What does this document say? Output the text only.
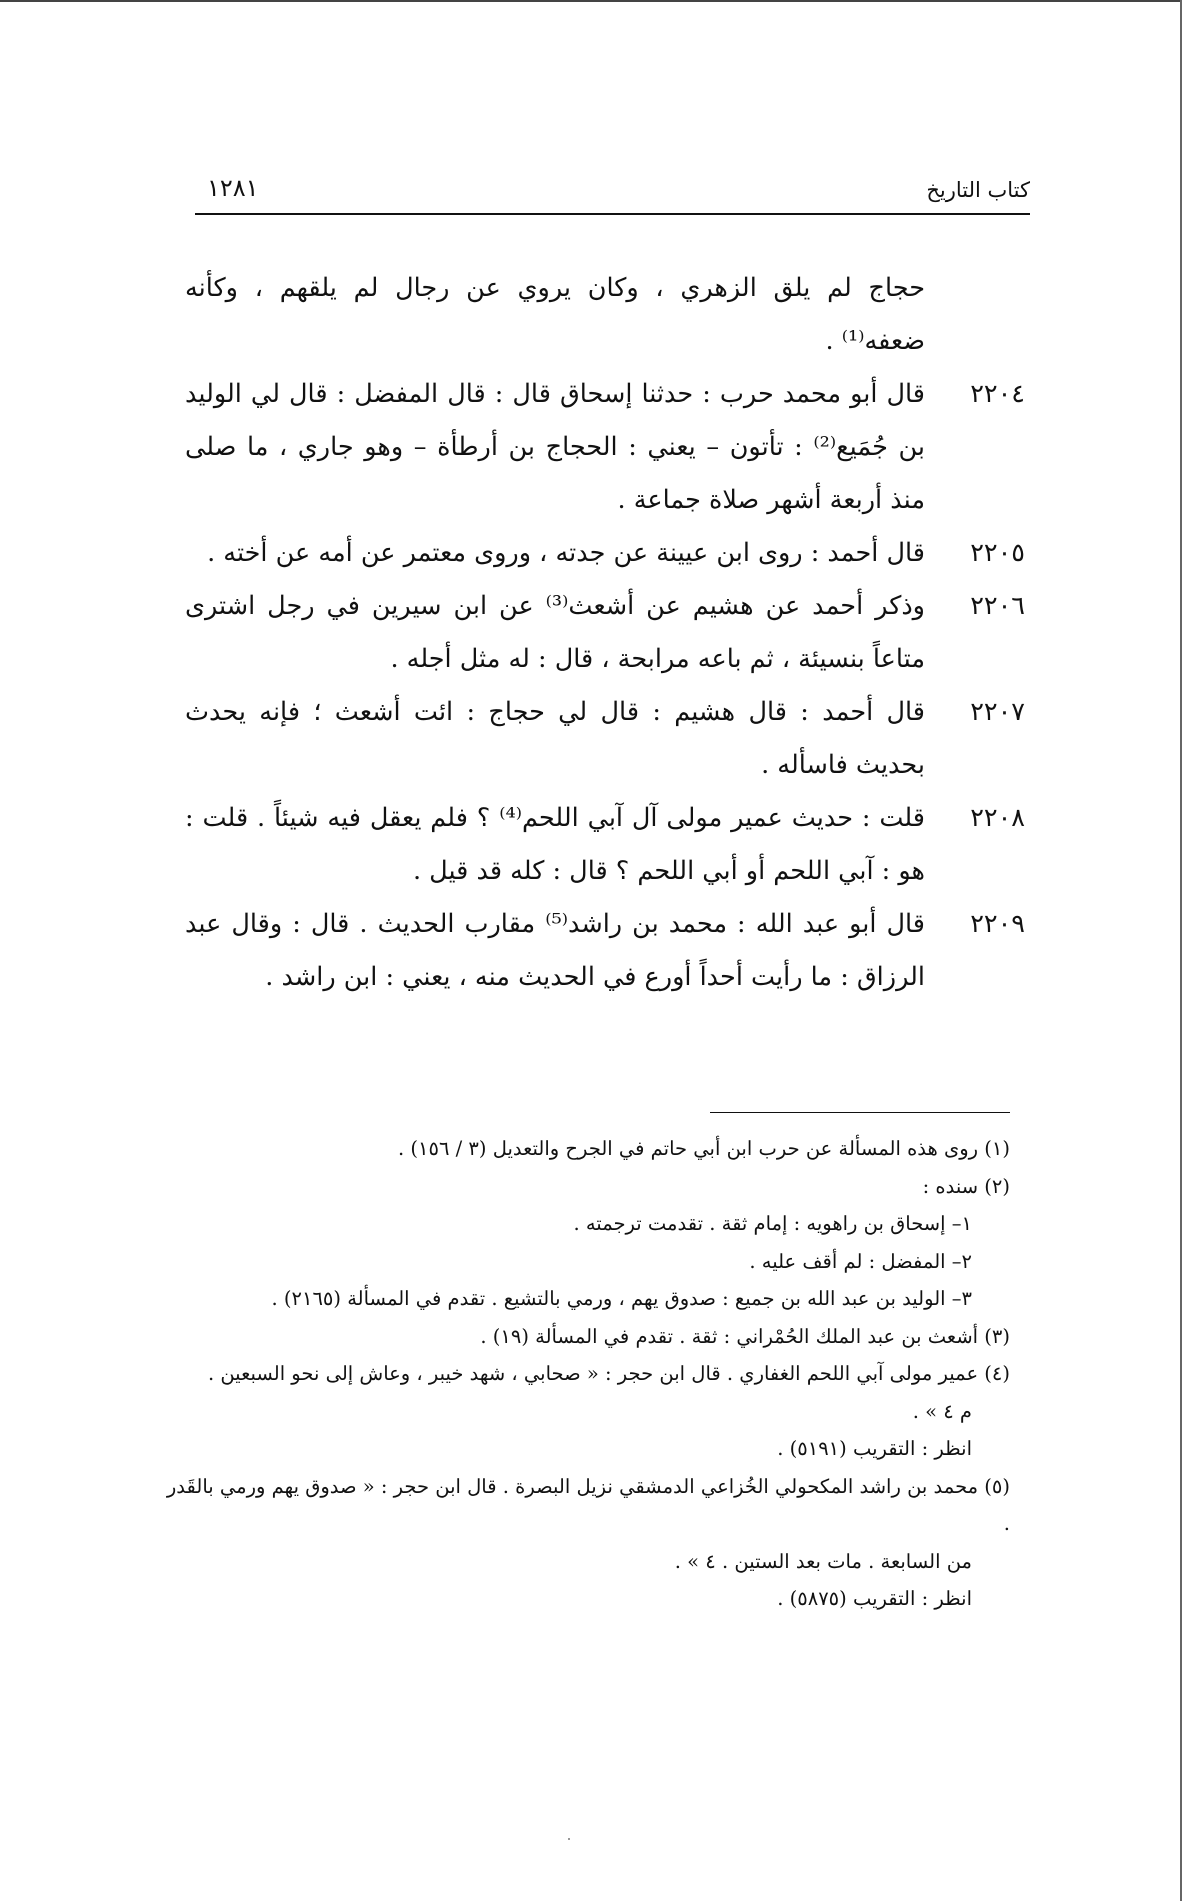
كتاب التاريخ
١٢٨١
حجاج لم يلق الزهري ، وكان يروي عن رجال لم يلقهم ، وكأنه
ضعفه⁽¹⁾ .
٢٢٠٤
قال أبو محمد حرب : حدثنا إسحاق قال : قال المفضل : قال لي الوليد بن جُمَيع⁽²⁾ : تأتون – يعني : الحجاج بن أرطأة – وهو جاري ، ما صلى منذ أربعة أشهر صلاة جماعة .
٢٢٠٥
قال أحمد : روى ابن عيينة عن جدته ، وروى معتمر عن أمه عن أخته .
٢٢٠٦
وذكر أحمد عن هشيم عن أشعث⁽³⁾ عن ابن سيرين في رجل اشترى متاعاً بنسيئة ، ثم باعه مرابحة ، قال : له مثل أجله .
٢٢٠٧
قال أحمد : قال هشيم : قال لي حجاج : ائت أشعث ؛ فإنه يحدث بحديث فاسأله .
٢٢٠٨
قلت : حديث عمير مولى آل آبي اللحم⁽⁴⁾ ؟ فلم يعقل فيه شيئاً . قلت : هو : آبي اللحم أو أبي اللحم ؟ قال : كله قد قيل .
٢٢٠٩
قال أبو عبد الله : محمد بن راشد⁽⁵⁾ مقارب الحديث . قال : وقال عبد الرزاق : ما رأيت أحداً أورع في الحديث منه ، يعني : ابن راشد .
(١) روى هذه المسألة عن حرب ابن أبي حاتم في الجرح والتعديل (٣ / ١٥٦) .
(٢) سنده :
١– إسحاق بن راهويه : إمام ثقة . تقدمت ترجمته .
٢– المفضل : لم أقف عليه .
٣– الوليد بن عبد الله بن جميع : صدوق يهم ، ورمي بالتشيع . تقدم في المسألة (٢١٦٥) .
(٣) أشعث بن عبد الملك الحُمْراني : ثقة . تقدم في المسألة (١٩) .
(٤) عمير مولى آبي اللحم الغفاري . قال ابن حجر : « صحابي ، شهد خيبر ، وعاش إلى نحو السبعين .
م ٤ » .
انظر : التقريب (٥١٩١) .
(٥) محمد بن راشد المكحولي الخُزاعي الدمشقي نزيل البصرة . قال ابن حجر : « صدوق يهم ورمي بالقَدر .
من السابعة . مات بعد الستين . ٤ » .
انظر : التقريب (٥٨٧٥) .
